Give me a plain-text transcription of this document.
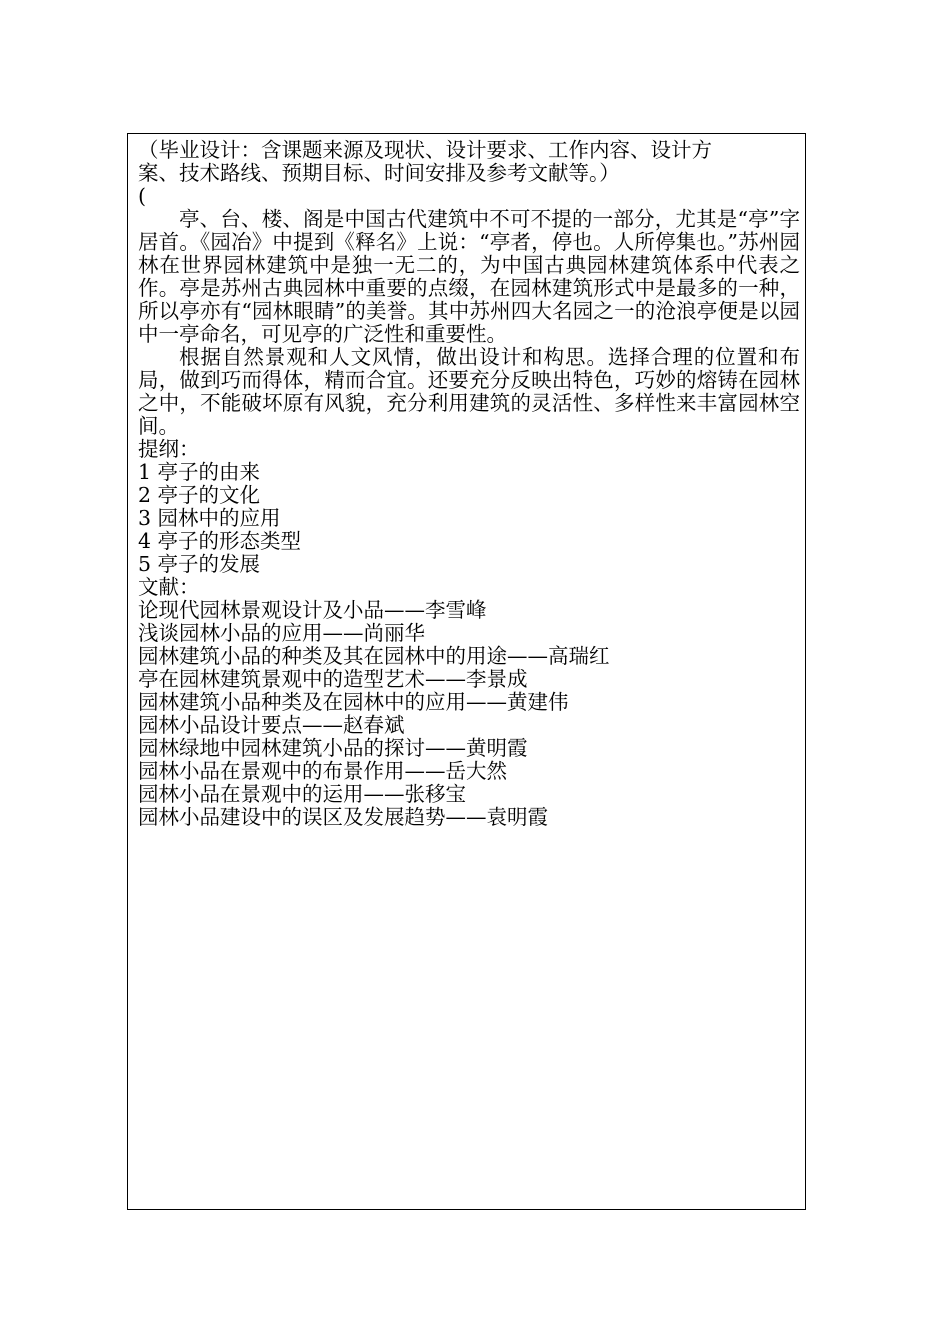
（毕业设计：含课题来源及现状、设计要求、工作内容、设计方
案、技术路线、预期目标、时间安排及参考文献等。）
(

亭、台、楼、阁是中国古代建筑中不可不提的一部分，尤其是“亭”字居首。《园冶》中提到《释名》上说：“亭者，停也。人所停集也。”苏州园林在世界园林建筑中是独一无二的，为中国古典园林建筑体系中代表之作。亭是苏州古典园林中重要的点缀，在园林建筑形式中是最多的一种，所以亭亦有“园林眼睛”的美誉。其中苏州四大名园之一的沧浪亭便是以园中一亭命名，可见亭的广泛性和重要性。

根据自然景观和人文风情，做出设计和构思。选择合理的位置和布局，做到巧而得体，精而合宜。还要充分反映出特色，巧妙的熔铸在园林之中，不能破坏原有风貌，充分利用建筑的灵活性、多样性来丰富园林空间。

提纲：
1 亭子的由来
2 亭子的文化
3 园林中的应用
4 亭子的形态类型
5 亭子的发展
文献：
论现代园林景观设计及小品——李雪峰
浅谈园林小品的应用——尚丽华
园林建筑小品的种类及其在园林中的用途——高瑞红
亭在园林建筑景观中的造型艺术——李景成
园林建筑小品种类及在园林中的应用——黄建伟
园林小品设计要点——赵春斌
园林绿地中园林建筑小品的探讨——黄明霞
园林小品在景观中的布景作用——岳大然
园林小品在景观中的运用——张移宝
园林小品建设中的误区及发展趋势——袁明霞
